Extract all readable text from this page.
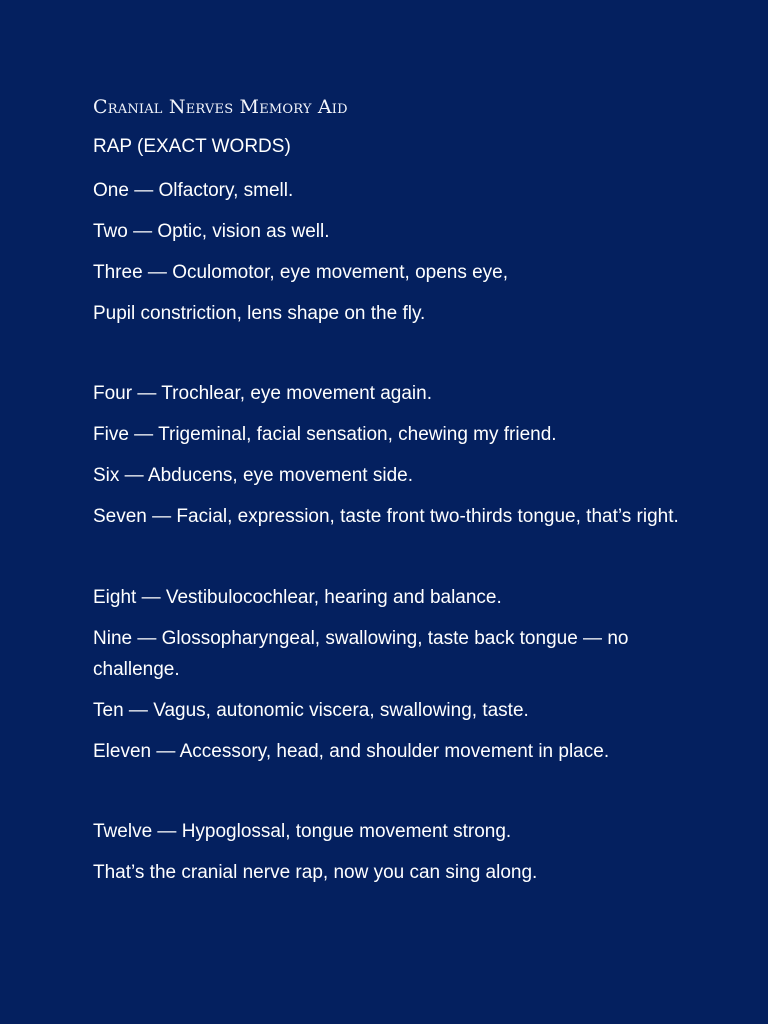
Cranial Nerves Memory Aid
RAP (EXACT WORDS)

One — Olfactory, smell.

Two — Optic, vision as well.

Three — Oculomotor, eye movement, opens eye,

Pupil constriction, lens shape on the fly.

Four — Trochlear, eye movement again.

Five — Trigeminal, facial sensation, chewing my friend.

Six — Abducens, eye movement side.

Seven — Facial, expression, taste front two-thirds tongue, that’s right.

Eight — Vestibulocochlear, hearing and balance.

Nine — Glossopharyngeal, swallowing, taste back tongue — no challenge.

Ten — Vagus, autonomic viscera, swallowing, taste.

Eleven — Accessory, head, and shoulder movement in place.

Twelve — Hypoglossal, tongue movement strong.

That’s the cranial nerve rap, now you can sing along.
